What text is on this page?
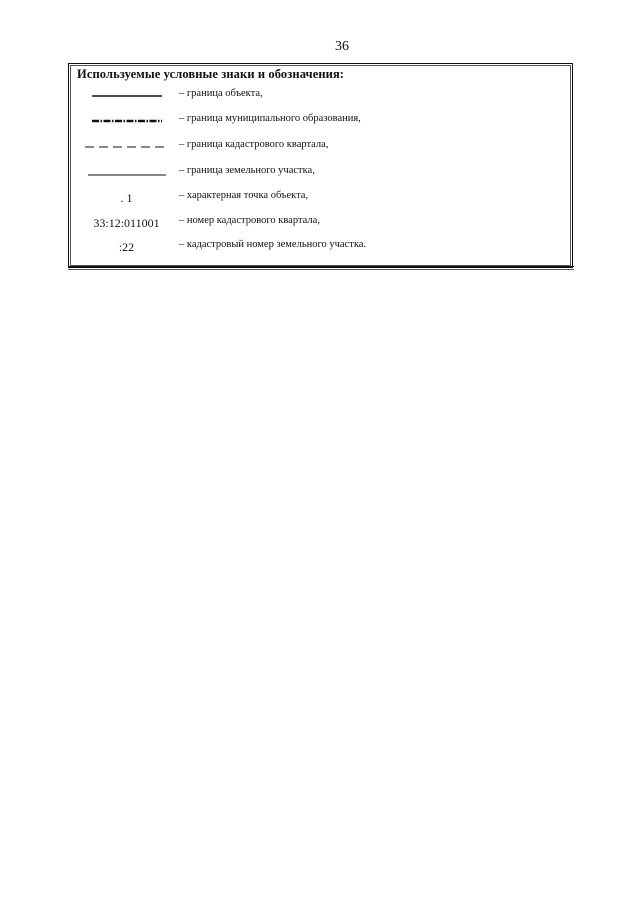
36
Используемые условные знаки и обозначения:
– граница объекта,
– граница муниципального образования,
– граница кадастрового квартала,
– граница земельного участка,
. 1	– характерная точка объекта,
33:12:011001 – номер кадастрового квартала,
:22	– кадастровый номер земельного участка.
